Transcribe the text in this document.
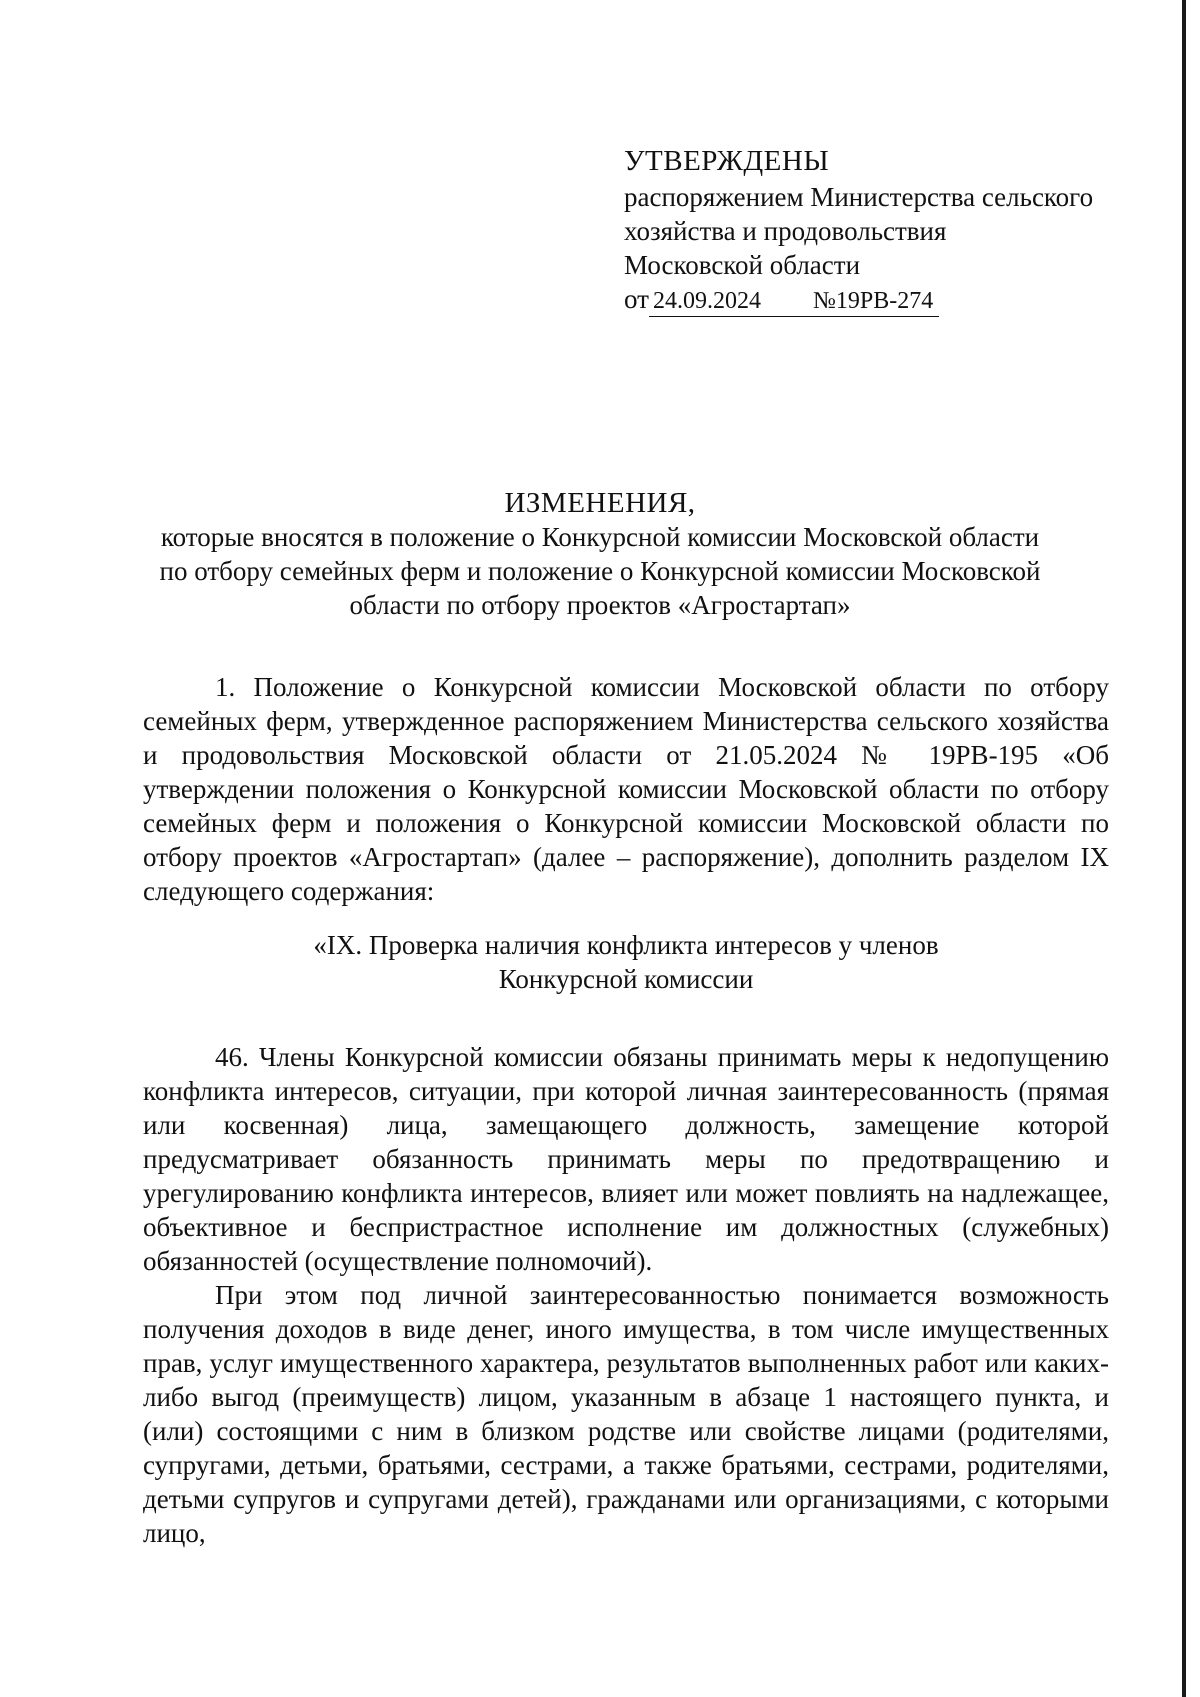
УТВЕРЖДЕНЫ
распоряжением Министерства сельского
хозяйства и продовольствия
Московской области
от 24.09.2024 №19РВ-274
ИЗМЕНЕНИЯ,
которые вносятся в положение о Конкурсной комиссии Московской области
по отбору семейных ферм и положение о Конкурсной комиссии Московской
области по отбору проектов «Агростартап»

1. Положение о Конкурсной комиссии Московской области по отбору семейных ферм, утвержденное распоряжением Министерства сельского хозяйства и продовольствия Московской области от 21.05.2024 № 19РВ-195 «Об утверждении положения о Конкурсной комиссии Московской области по отбору семейных ферм и положения о Конкурсной комиссии Московской области по отбору проектов «Агростартап» (далее – распоряжение), дополнить разделом IX следующего содержания:

«IX. Проверка наличия конфликта интересов у членов
Конкурсной комиссии

46. Члены Конкурсной комиссии обязаны принимать меры к недопущению конфликта интересов, ситуации, при которой личная заинтересованность (прямая или косвенная) лица, замещающего должность, замещение которой предусматривает обязанность принимать меры по предотвращению и урегулированию конфликта интересов, влияет или может повлиять на надлежащее, объективное и беспристрастное исполнение им должностных (служебных) обязанностей (осуществление полномочий).

При этом под личной заинтересованностью понимается возможность получения доходов в виде денег, иного имущества, в том числе имущественных прав, услуг имущественного характера, результатов выполненных работ или каких-либо выгод (преимуществ) лицом, указанным в абзаце 1 настоящего пункта, и (или) состоящими с ним в близком родстве или свойстве лицами (родителями, супругами, детьми, братьями, сестрами, а также братьями, сестрами, родителями, детьми супругов и супругами детей), гражданами или организациями, с которыми лицо,
